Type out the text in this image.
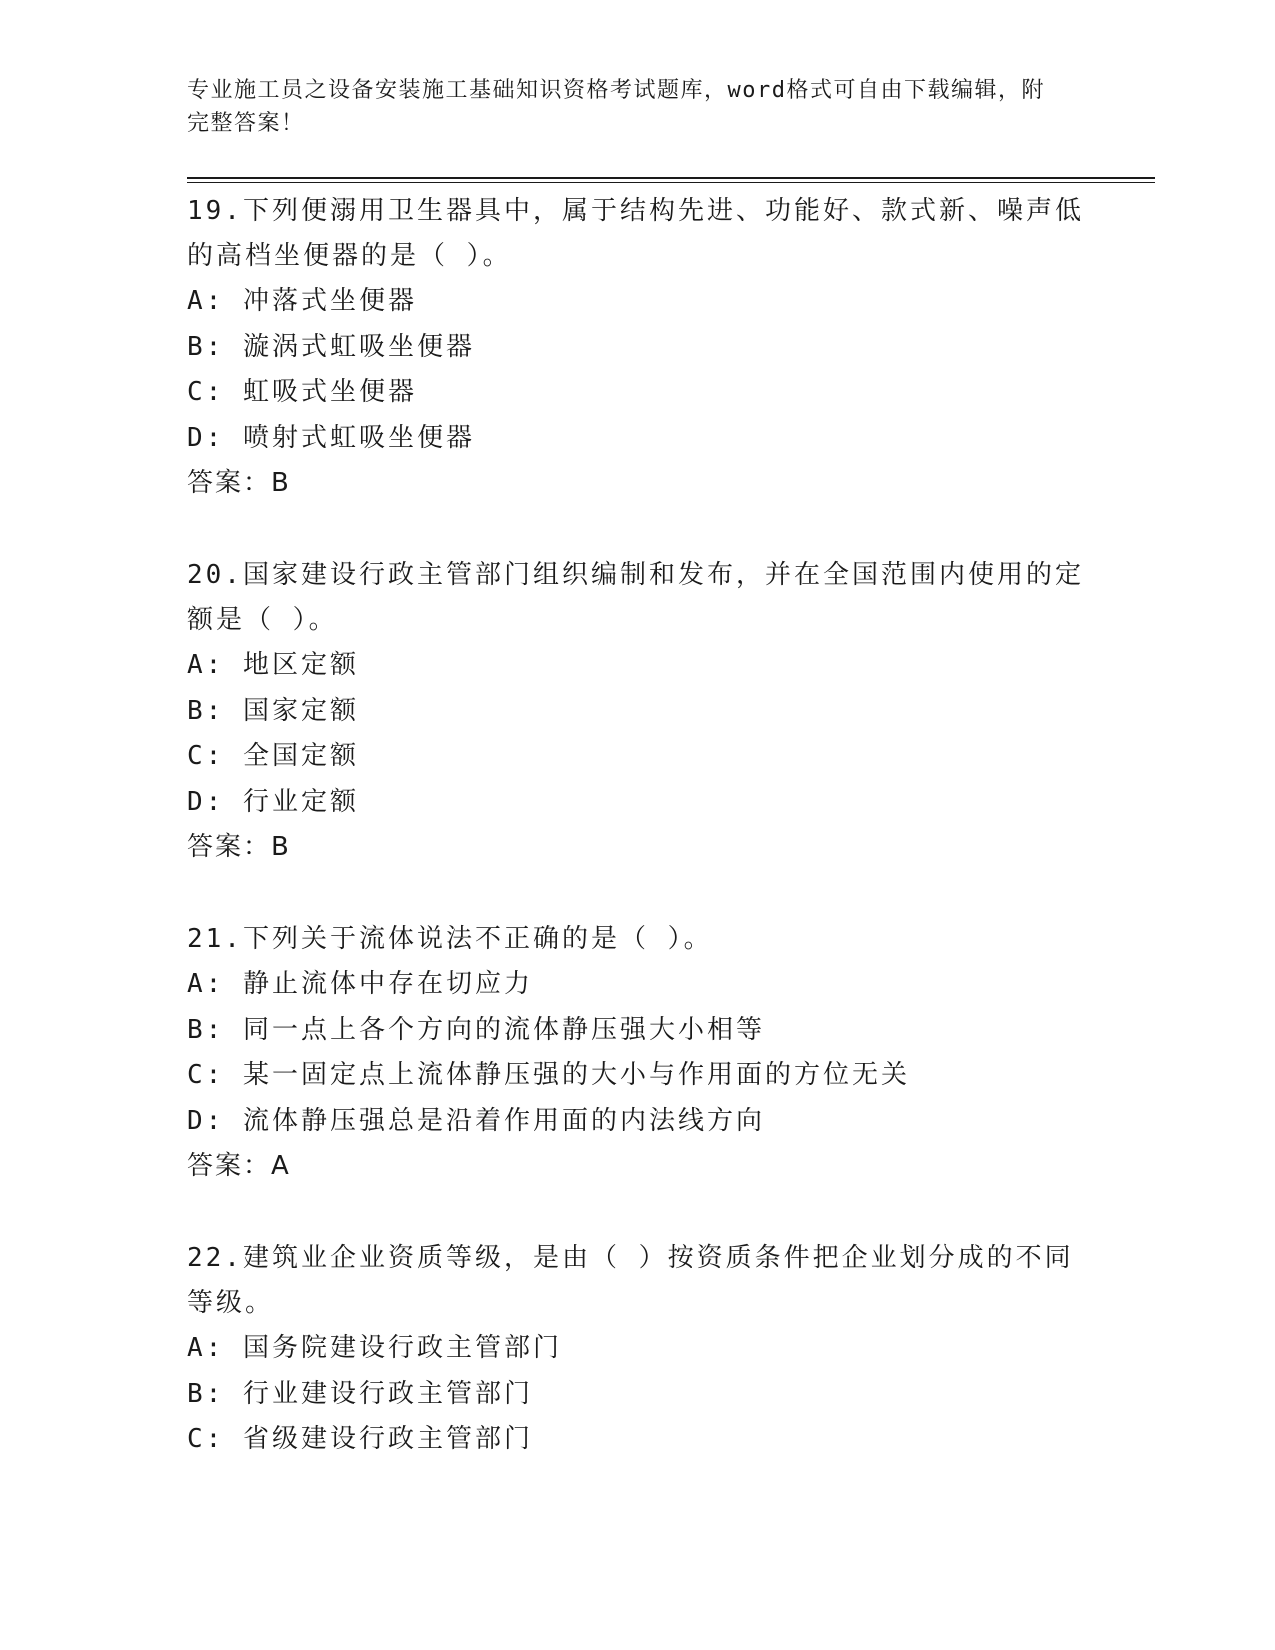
专业施工员之设备安装施工基础知识资格考试题库，word格式可自由下载编辑，附完整答案！
19.下列便溺用卫生器具中，属于结构先进、功能好、款式新、噪声低的高档坐便器的是（ ）。
A: 冲落式坐便器
B: 漩涡式虹吸坐便器
C: 虹吸式坐便器
D: 喷射式虹吸坐便器
答案：B
20.国家建设行政主管部门组织编制和发布，并在全国范围内使用的定额是（ ）。
A: 地区定额
B: 国家定额
C: 全国定额
D: 行业定额
答案：B
21.下列关于流体说法不正确的是（ ）。
A: 静止流体中存在切应力
B: 同一点上各个方向的流体静压强大小相等
C: 某一固定点上流体静压强的大小与作用面的方位无关
D: 流体静压强总是沿着作用面的内法线方向
答案：A
22.建筑业企业资质等级，是由（ ）按资质条件把企业划分成的不同等级。
A: 国务院建设行政主管部门
B: 行业建设行政主管部门
C: 省级建设行政主管部门
